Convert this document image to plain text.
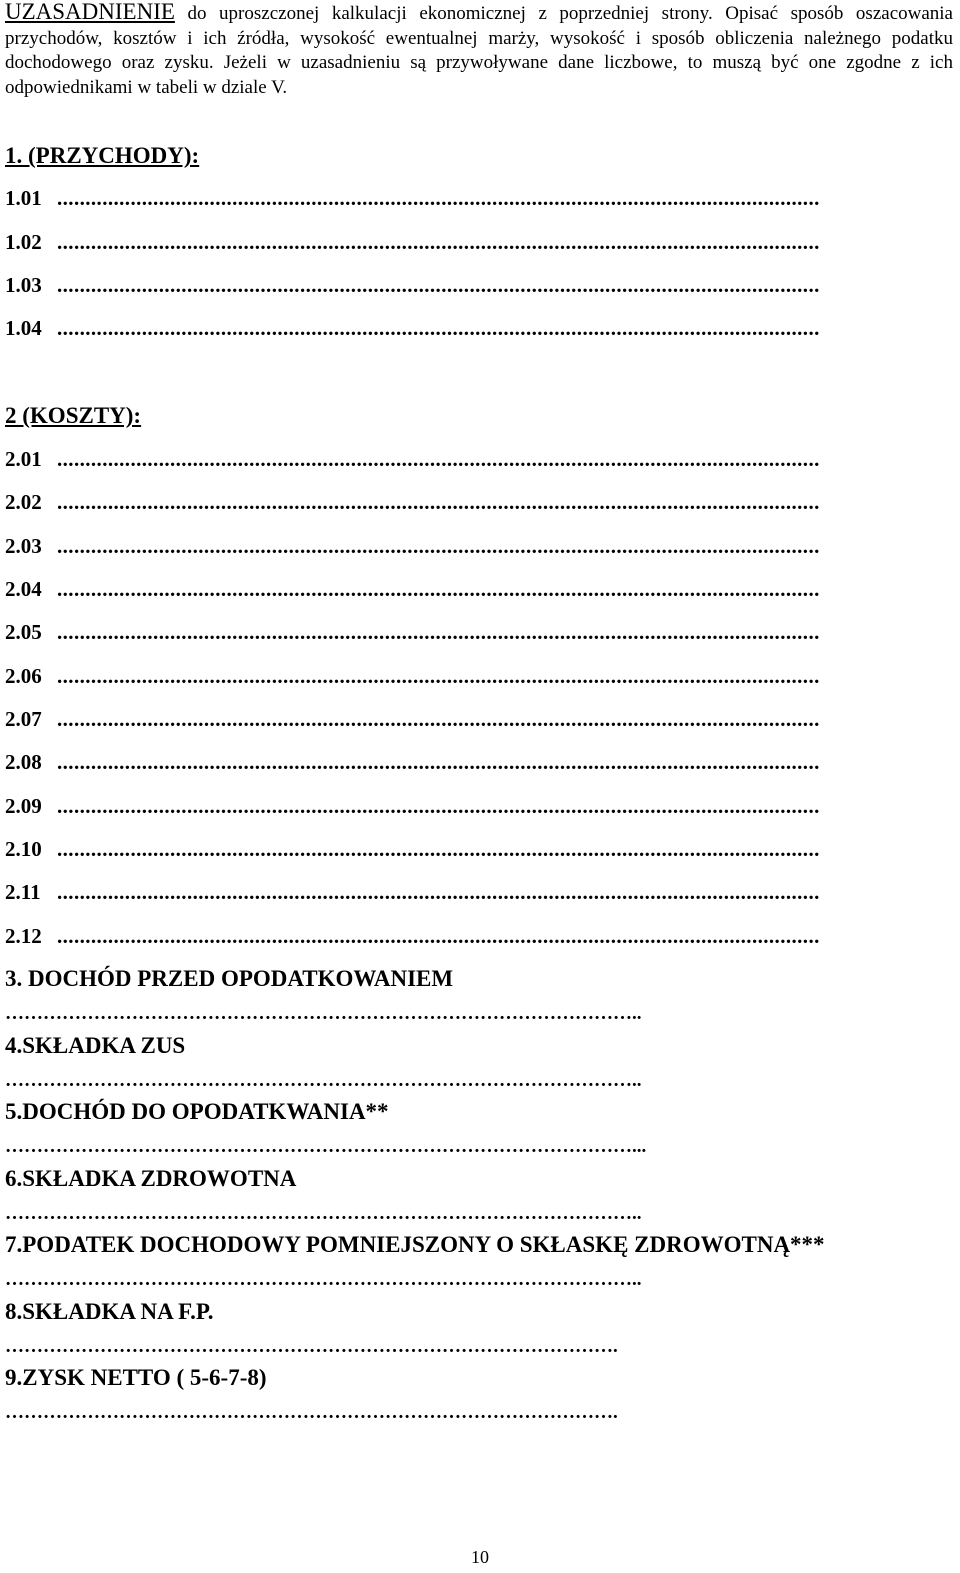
UZASADNIENIE do uproszczonej kalkulacji ekonomicznej z poprzedniej strony. Opisać sposób oszacowania przychodów, kosztów i ich źródła, wysokość ewentualnej marży, wysokość i sposób obliczenia należnego podatku dochodowego oraz zysku. Jeżeli w uzasadnieniu są przywoływane dane liczbowe, to muszą być one zgodne z ich odpowiednikami w tabeli w dziale V.

1. (PRZYCHODY):

1.01 .......................................................................................................................................
1.02 .......................................................................................................................................
1.03 .......................................................................................................................................
1.04 .......................................................................................................................................

2 (KOSZTY):

2.01 .......................................................................................................................................
2.02 .......................................................................................................................................
2.03 .......................................................................................................................................
2.04 .......................................................................................................................................
2.05 .......................................................................................................................................
2.06 .......................................................................................................................................
2.07 .......................................................................................................................................
2.08 .......................................................................................................................................
2.09 .......................................................................................................................................
2.10 .......................................................................................................................................
2.11 .......................................................................................................................................
2.12 .......................................................................................................................................

3. DOCHÓD PRZED OPODATKOWANIEM

………………………………………………………………………………………..

4.SKŁADKA ZUS

………………………………………………………………………………………..

5.DOCHÓD DO OPODATKWANIA**

………………………………………………………………………………………...

6.SKŁADKA ZDROWOTNA

………………………………………………………………………………………..

7.PODATEK DOCHODOWY POMNIEJSZONY O SKŁASKĘ ZDROWOTNĄ***

………………………………………………………………………………………..

8.SKŁADKA NA F.P.

…………………………………………………………………………………….

9.ZYSK NETTO ( 5-6-7-8)

…………………………………………………………………………………….

10
